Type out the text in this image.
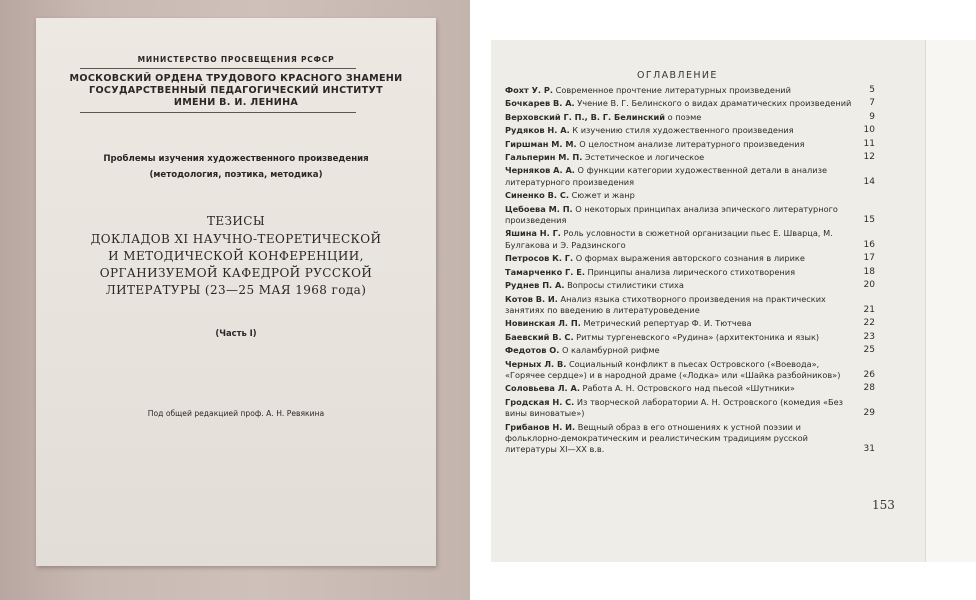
МИНИСТЕРСТВО ПРОСВЕЩЕНИЯ РСФСР
МОСКОВСКИЙ ОРДЕНА ТРУДОВОГО КРАСНОГО ЗНАМЕНИ
ГОСУДАРСТВЕННЫЙ ПЕДАГОГИЧЕСКИЙ ИНСТИТУТ
ИМЕНИ В. И. ЛЕНИНА
Проблемы изучения художественного произведения
(методология, поэтика, методика)
ТЕЗИСЫ
ДОКЛАДОВ XI НАУЧНО-ТЕОРЕТИЧЕСКОЙ
И МЕТОДИЧЕСКОЙ КОНФЕРЕНЦИИ,
ОРГАНИЗУЕМОЙ КАФЕДРОЙ РУССКОЙ
ЛИТЕРАТУРЫ (23—25 МАЯ 1968 года)
(Часть I)
Под общей редакцией проф. А. Н. Ревякина
ОГЛАВЛЕНИЕ
Фохт У. Р. Современное прочтение литературных произведений	5
Бочкарев В. А. Учение В. Г. Белинского о видах драматических произведений 7
Верховский Г. П., В. Г. Белинский о поэме	9
Рудяков Н. А. К изучению стиля художественного произведения	10
Гиршман М. М. О целостном анализе литературного произведения	11
Гальперин М. П. Эстетическое и логическое	12
Черняков А. А. О функции категории художественной детали в анализе литературного произведения	14
Синенко В. С. Сюжет и жанр
Цебоева М. П. О некоторых принципах анализа эпического литературного произведения	15
Яшина Н. Г. Роль условности в сюжетной организации пьес Е. Шварца, М. Булгакова и Э. Радзинского	16
Петросов К. Г. О формах выражения авторского сознания в лирике	17
Тамарченко Г. Е. Принципы анализа лирического стихотворения	18
Руднев П. А. Вопросы стилистики стиха	20
Котов В. И. Анализ языка стихотворного произведения на практических занятиях по введению в литературоведение	21
Новинская Л. П. Метрический репертуар Ф. И. Тютчева	22
Баевский В. С. Ритмы тургеневского «Рудина» (архитектоника и язык)	23
Федотов О. О каламбурной рифме	25
Черных Л. В. Социальный конфликт в пьесах Островского («Воевода», «Горячее сердце») и в народной драме («Лодка» или «Шайка разбойников»)	26
Соловьева Л. А. Работа А. Н. Островского над пьесой «Шутники»	28
Гродская Н. С. Из творческой лаборатории А. Н. Островского (комедия «Без вины виноватые»)	29
Грибанов Н. И. Вещный образ в его отношениях к устной поэзии и фольклорно-демократическим и реалистическим традициям русской литературы XI—XX в.в.	31
153
